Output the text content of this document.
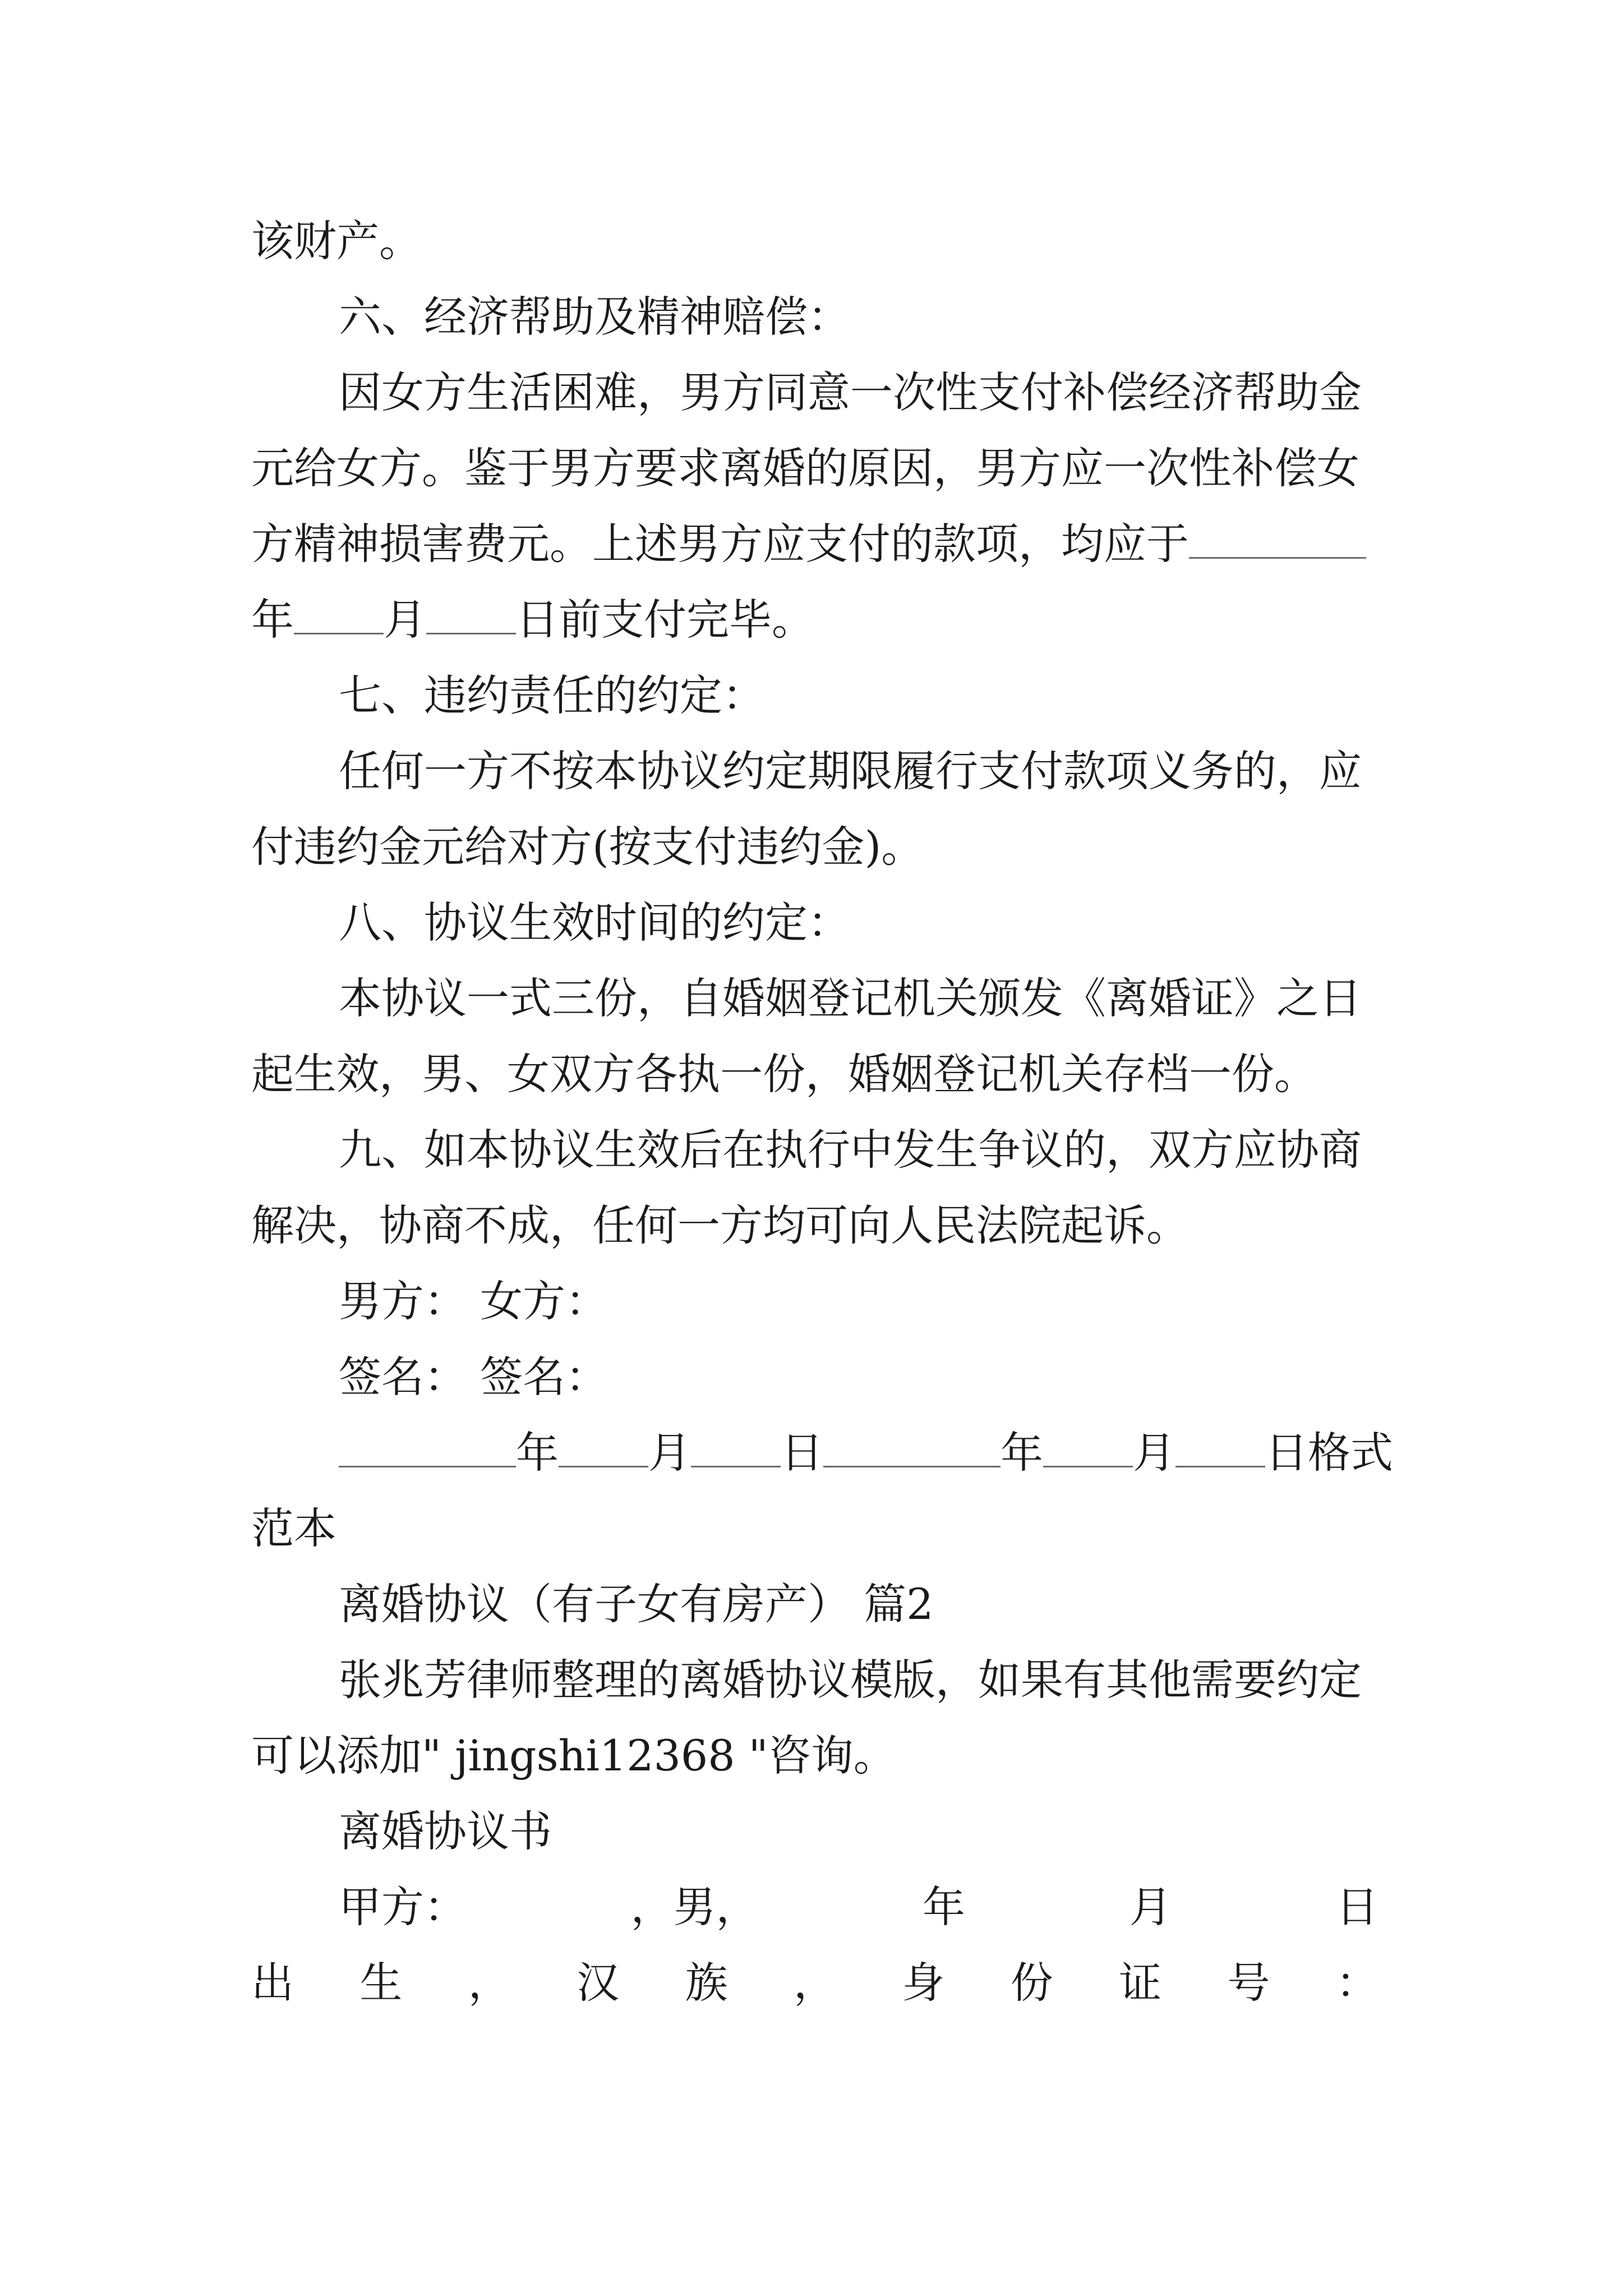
该财产。
六、经济帮助及精神赔偿：
因女方生活困难，男方同意一次性支付补偿经济帮助金
元给女方。鉴于男方要求离婚的原因，男方应一次性补偿女
方精神损害费元。上述男方应支付的款项，均应于
年 月 日前支付完毕。
七、违约责任的约定：
任何一方不按本协议约定期限履行支付款项义务的，应
付违约金元给对方(按支付违约金)。
八、协议生效时间的约定：
本协议一式三份，自婚姻登记机关颁发《离婚证》之日
起生效，男、女双方各执一份，婚姻登记机关存档一份。
九、如本协议生效后在执行中发生争议的，双方应协商
解决，协商不成，任何一方均可向人民法院起诉。
男方： 女方：
签名： 签名：
年 月 日	年 月 日格式
范本
离婚协议（有子女有房产） 篇2
张兆芳律师整理的离婚协议模版，如果有其他需要约定
可以添加" jingshi12368 "咨询。
离婚协议书
甲方：	，男，	年	月	日
出 生 ， 汉 族 ， 身 份 证 号 ：
